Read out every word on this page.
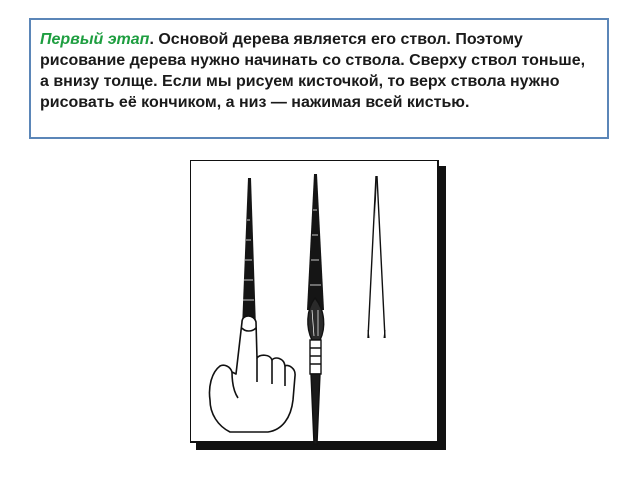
Первый этап. Основой дерева является его ствол. Поэтому рисование дерева нужно начинать со ствола. Сверху ствол тоньше, а внизу толще. Если мы рисуем кисточкой, то верх ствола нужно рисовать её кончиком, а низ — нажимая всей кистью.
